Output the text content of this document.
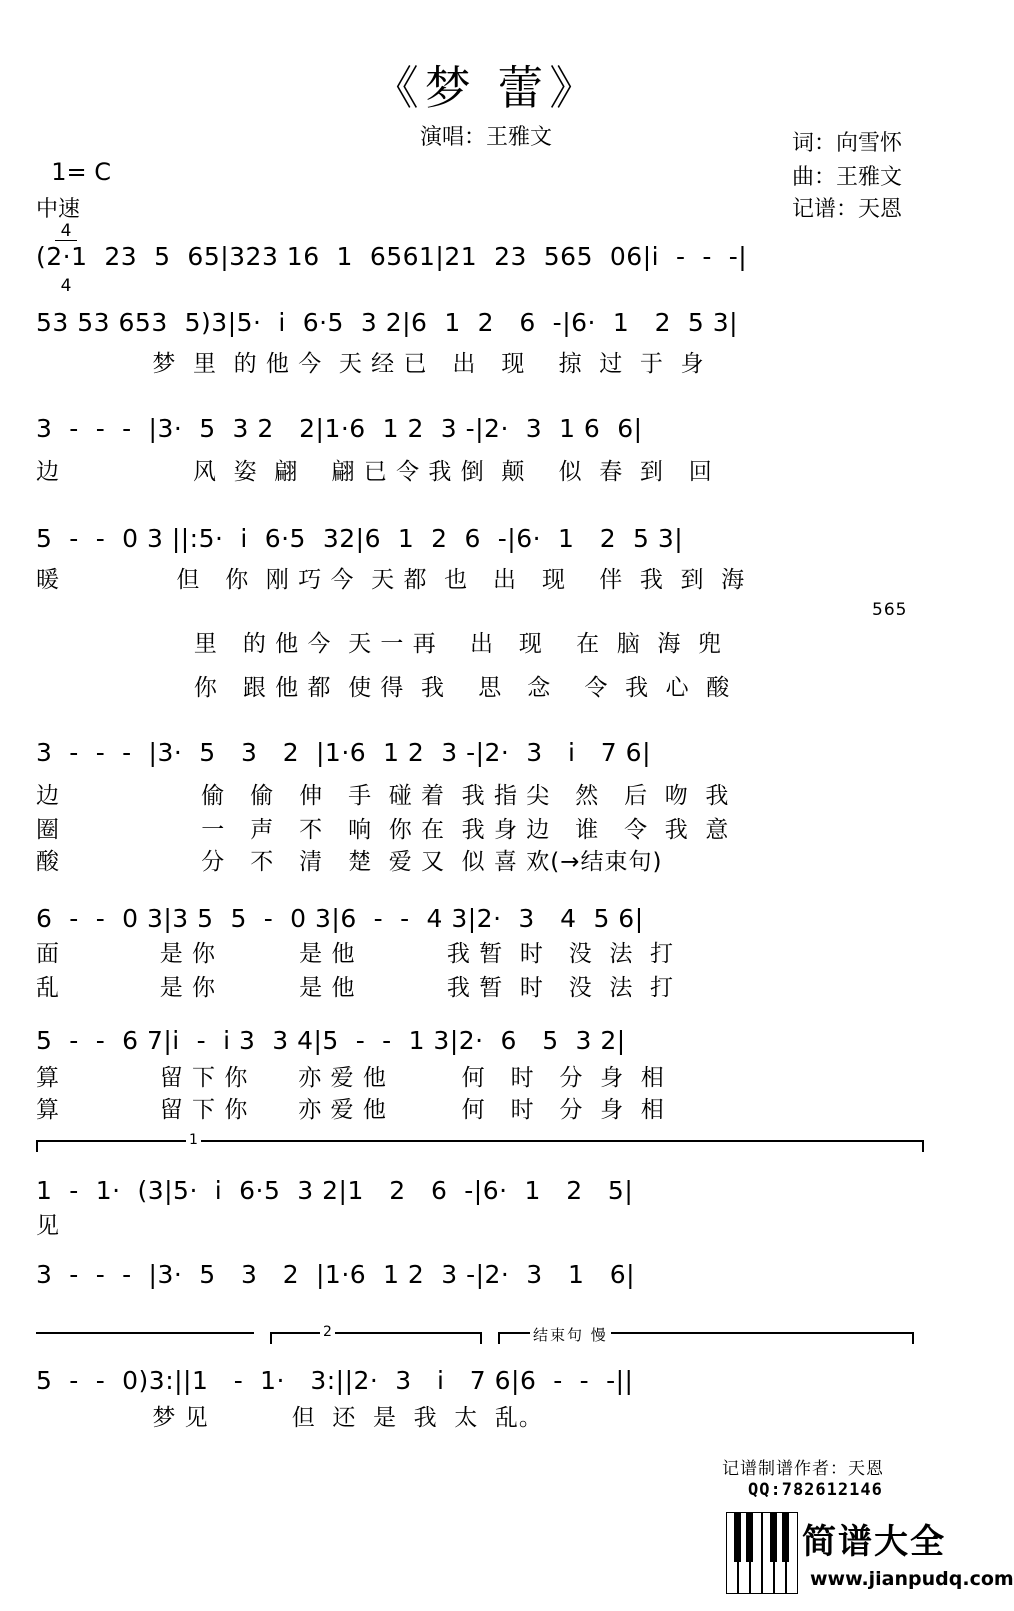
《梦 蕾》

1= C

$\frac{4}{4}$

中速
演唱：王雅文	词：向雪怀
曲：王雅文
记谱：天恩
(2·1  23  5  65|323 16  1  6561|21  23  565  06|i  -  -  -|
53 53 653  5)3|5·  i  6·5  3 2|6  1  2   6  -|6·  1   2  5 3|
梦  里  的 他 今  天 经 已   出   现    掠  过  于  身
3  -  -  -  |3·  5  3 2   2|1·6  1 2  3 -|2·  3  1 6  6|
边                风  姿  翩    翩 已 令 我 倒  颠    似  春  到   回
5  -  -  0 3 ||:5·  i  6·5  32|6  1  2  6  -|6·  1   2  5 3|
暖              但   你  刚 巧 今  天 都  也   出   现    伴  我  到  海
565
里   的 他 今  天 一 再    出   现    在  脑  海  兜
你   跟 他 都  使 得  我    思   念    令  我  心  酸
3  -  -  -  |3·  5   3   2  |1·6  1 2  3 -|2·  3   i   7 6|
边                 偷   偷   伸   手  碰 着  我 指 尖   然   后  吻  我
圈                 一   声   不   响  你 在  我 身 边   谁   令  我  意
酸                 分   不   清   楚  爱 又  似 喜 欢(→结束句)
6  -  -  0 3|3 5  5  -  0 3|6  -  -  4 3|2·  3   4  5 6|
面            是 你          是 他           我 暂  时   没  法  打
乱            是 你          是 他           我 暂  时   没  法  打
5  -  -  6 7|i  -  i 3  3 4|5  -  -  1 3|2·  6   5  3 2|
算            留 下 你      亦 爱 他         何   时   分  身  相
算            留 下 你      亦 爱 他         何   时   分  身  相
1
1  -  1·  (3|5·  i  6·5  3 2|1   2   6  -|6·  1   2   5|
见
3  -  -  -  |3·  5   3   2  |1·6  1 2  3 -|2·  3   1   6|
2	结束句 慢
5  -  -  0)3:||1   -  1·   3:||2·  3   i   7 6|6  -  -  -||
梦 见          但  还  是  我  太  乱。
记谱制谱作者：天恩
QQ:782612146
简谱大全
www.jianpudq.com
